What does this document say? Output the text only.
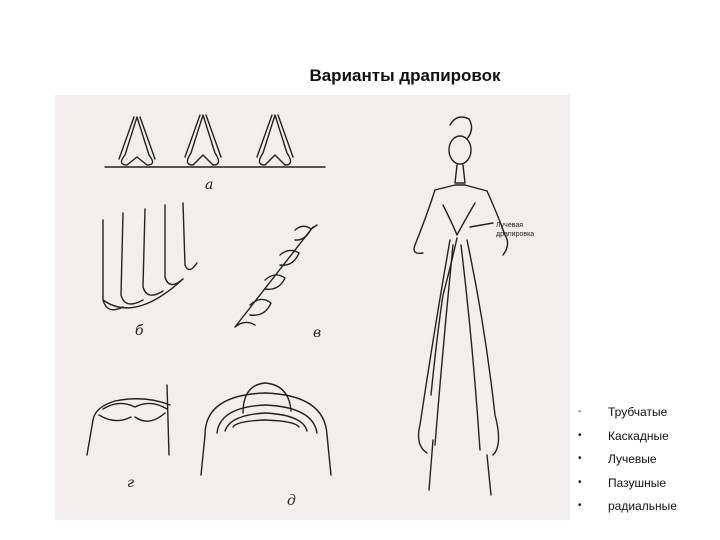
Варианты драпировок
а
б	в
г
д
Лучевая
драпировка
-	Трубчатые
•	Каскадные
•	Лучевые
•	Пазушные
•	радиальные
